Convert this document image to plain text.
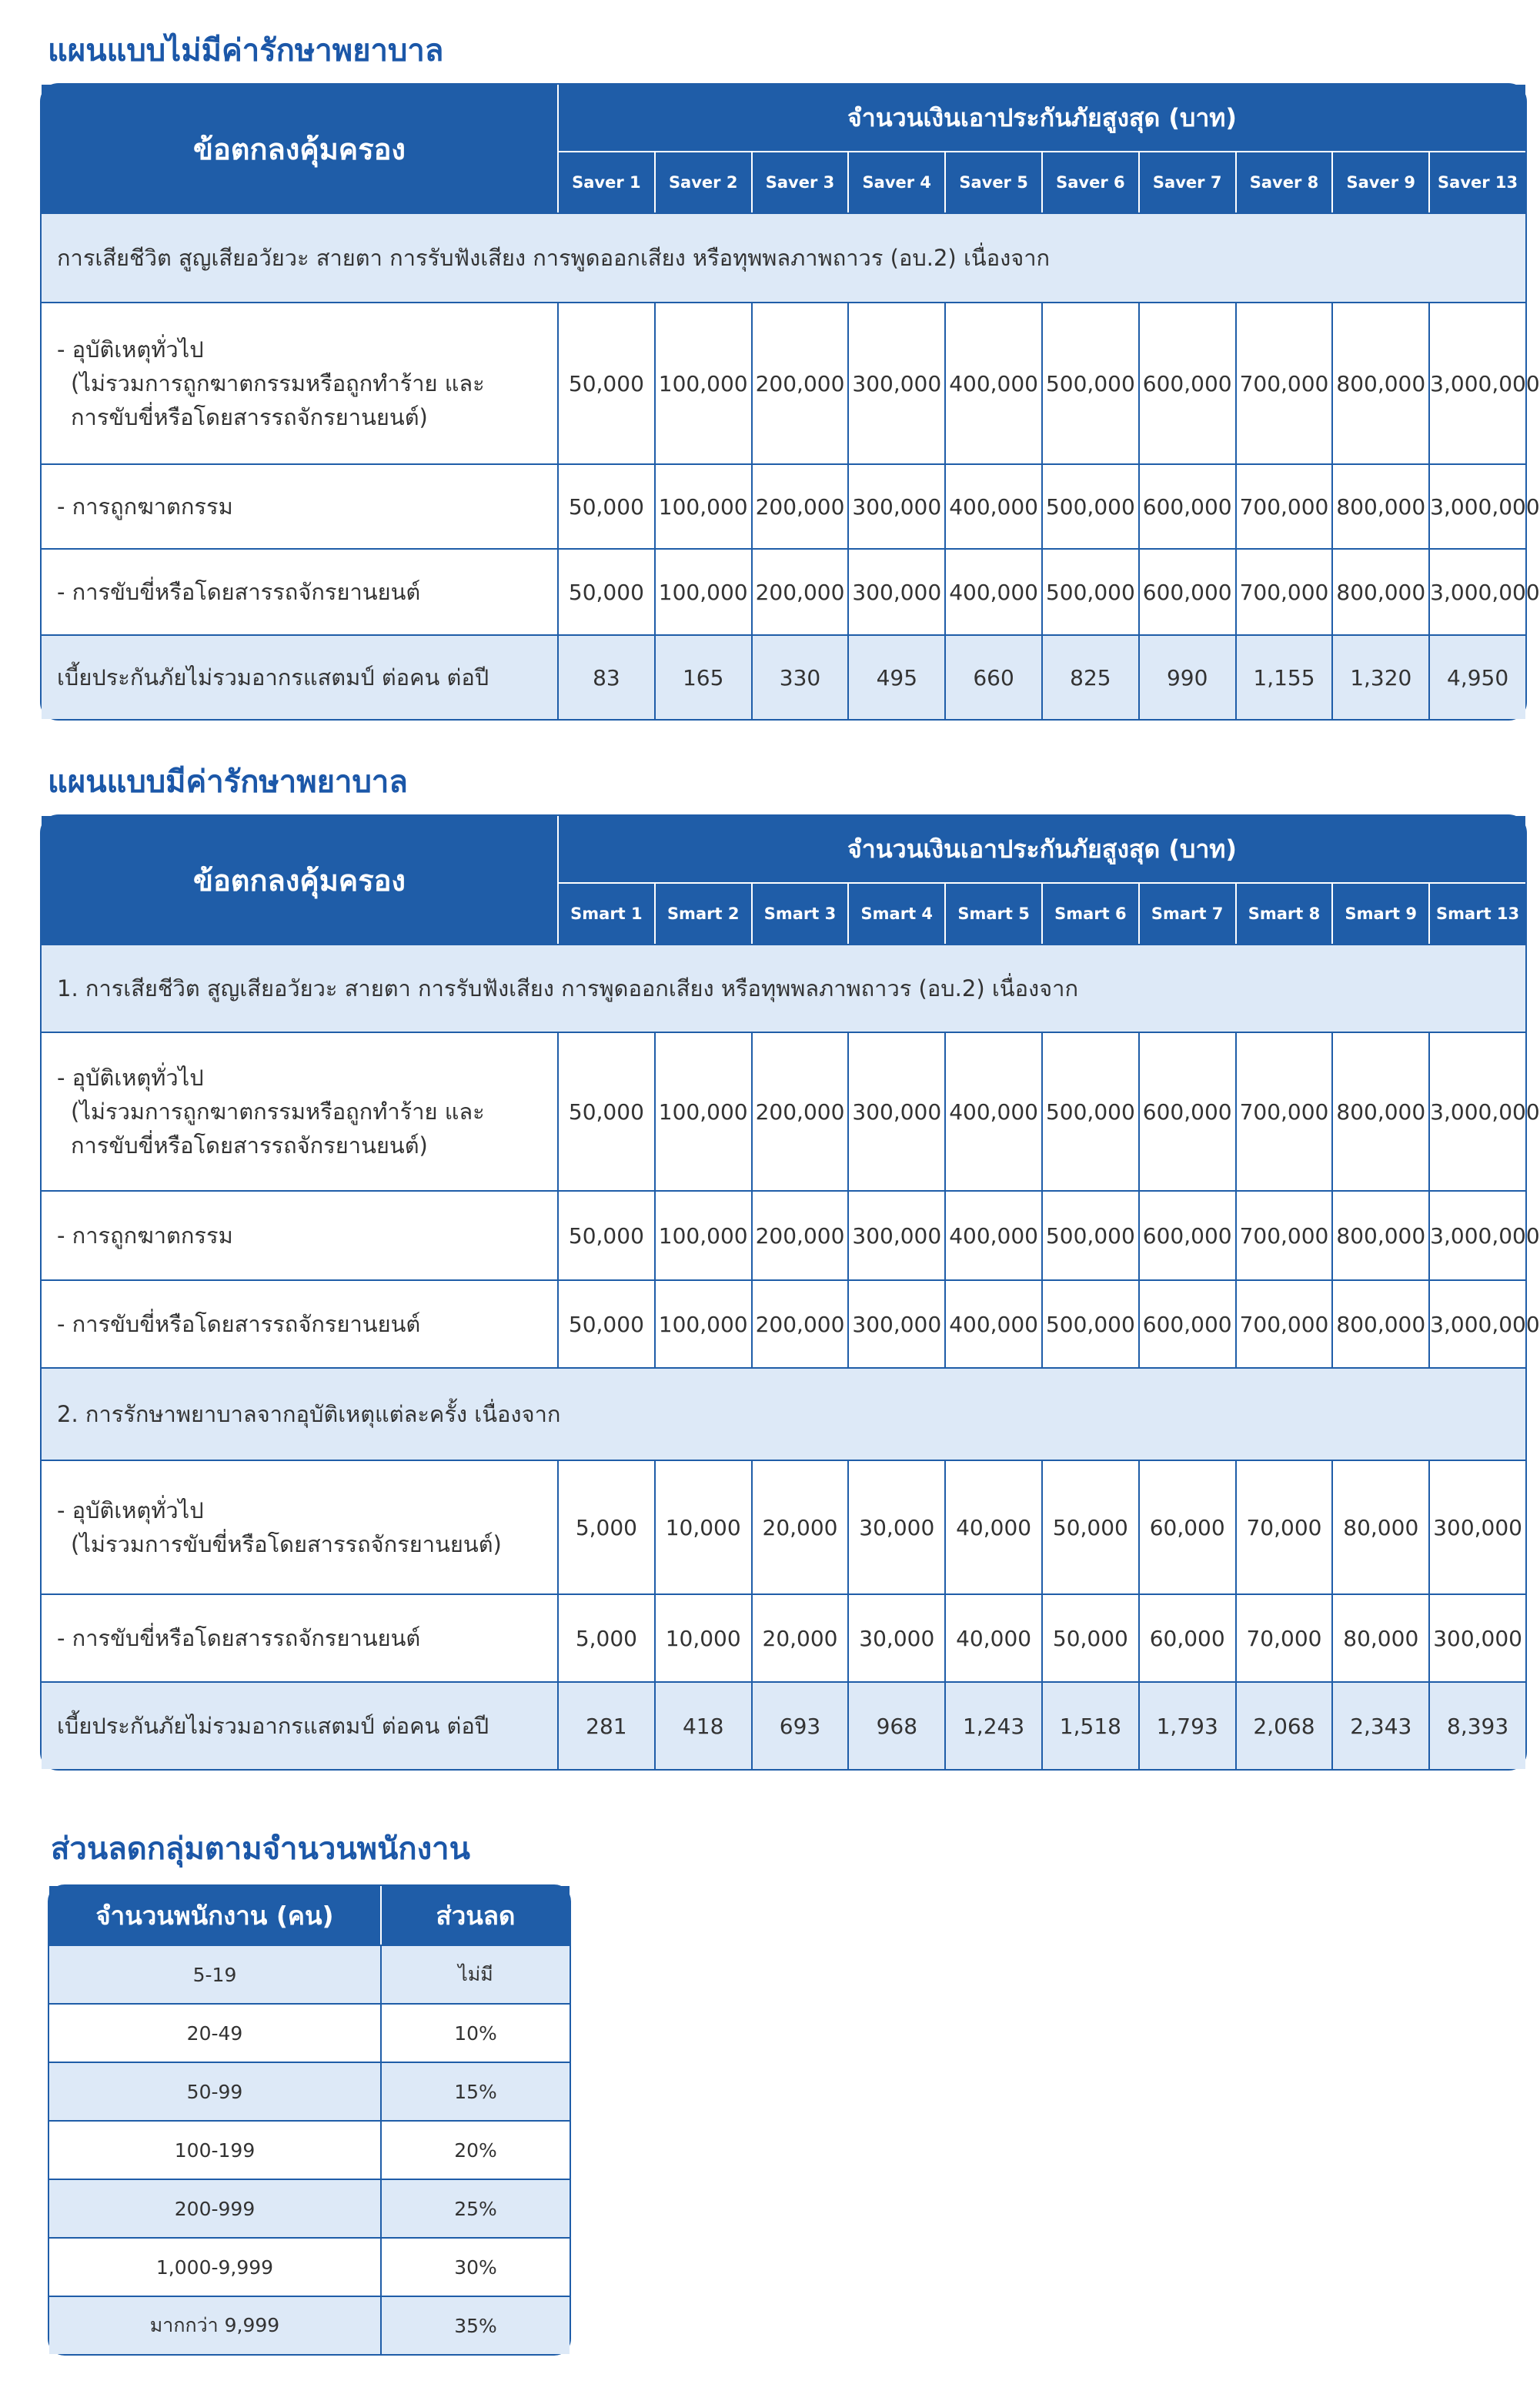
แผนแบบไม่มีค่ารักษาพยาบาล
ข้อตกลงคุ้มครอง	จำนวนเงินเอาประกันภัยสูงสุด (บาท)									
	Saver 1	Saver 2	Saver 3	Saver 4	Saver 5	Saver 6	Saver 7	Saver 8	Saver 9	Saver 13
การเสียชีวิต สูญเสียอวัยวะ สายตา การรับฟังเสียง การพูดออกเสียง หรือทุพพลภาพถาวร (อบ.2) เนื่องจาก										

- อุบัติเหตุทั่วไป
(ไม่รวมการถูกฆาตกรรมหรือถูกทำร้าย และ
การขับขี่หรือโดยสารรถจักรยานยนต์)	50,000	100,000	200,000	300,000	400,000	500,000	600,000	700,000	800,000	3,000,000
- การถูกฆาตกรรม	50,000	100,000	200,000	300,000	400,000	500,000	600,000	700,000	800,000	3,000,000
- การขับขี่หรือโดยสารรถจักรยานยนต์	50,000	100,000	200,000	300,000	400,000	500,000	600,000	700,000	800,000	3,000,000
เบี้ยประกันภัยไม่รวมอากรแสตมป์ ต่อคน ต่อปี	83	165	330	495	660	825	990	1,155	1,320	4,950
แผนแบบมีค่ารักษาพยาบาล
ข้อตกลงคุ้มครอง	จำนวนเงินเอาประกันภัยสูงสุด (บาท)									
	Smart 1	Smart 2	Smart 3	Smart 4	Smart 5	Smart 6	Smart 7	Smart 8	Smart 9	Smart 13
1. การเสียชีวิต สูญเสียอวัยวะ สายตา การรับฟังเสียง การพูดออกเสียง หรือทุพพลภาพถาวร (อบ.2) เนื่องจาก										

- อุบัติเหตุทั่วไป
(ไม่รวมการถูกฆาตกรรมหรือถูกทำร้าย และ
การขับขี่หรือโดยสารรถจักรยานยนต์)	50,000	100,000	200,000	300,000	400,000	500,000	600,000	700,000	800,000	3,000,000
- การถูกฆาตกรรม	50,000	100,000	200,000	300,000	400,000	500,000	600,000	700,000	800,000	3,000,000
- การขับขี่หรือโดยสารรถจักรยานยนต์	50,000	100,000	200,000	300,000	400,000	500,000	600,000	700,000	800,000	3,000,000
2. การรักษาพยาบาลจากอุบัติเหตุแต่ละครั้ง เนื่องจาก										

- อุบัติเหตุทั่วไป
(ไม่รวมการขับขี่หรือโดยสารรถจักรยานยนต์)	5,000	10,000	20,000	30,000	40,000	50,000	60,000	70,000	80,000	300,000
- การขับขี่หรือโดยสารรถจักรยานยนต์	5,000	10,000	20,000	30,000	40,000	50,000	60,000	70,000	80,000	300,000
เบี้ยประกันภัยไม่รวมอากรแสตมป์ ต่อคน ต่อปี	281	418	693	968	1,243	1,518	1,793	2,068	2,343	8,393
ส่วนลดกลุ่มตามจำนวนพนักงาน
จำนวนพนักงาน (คน)	ส่วนลด
5-19	ไม่มี
20-49	10%
50-99	15%
100-199	20%
200-999	25%
1,000-9,999	30%
มากกว่า 9,999	35%
